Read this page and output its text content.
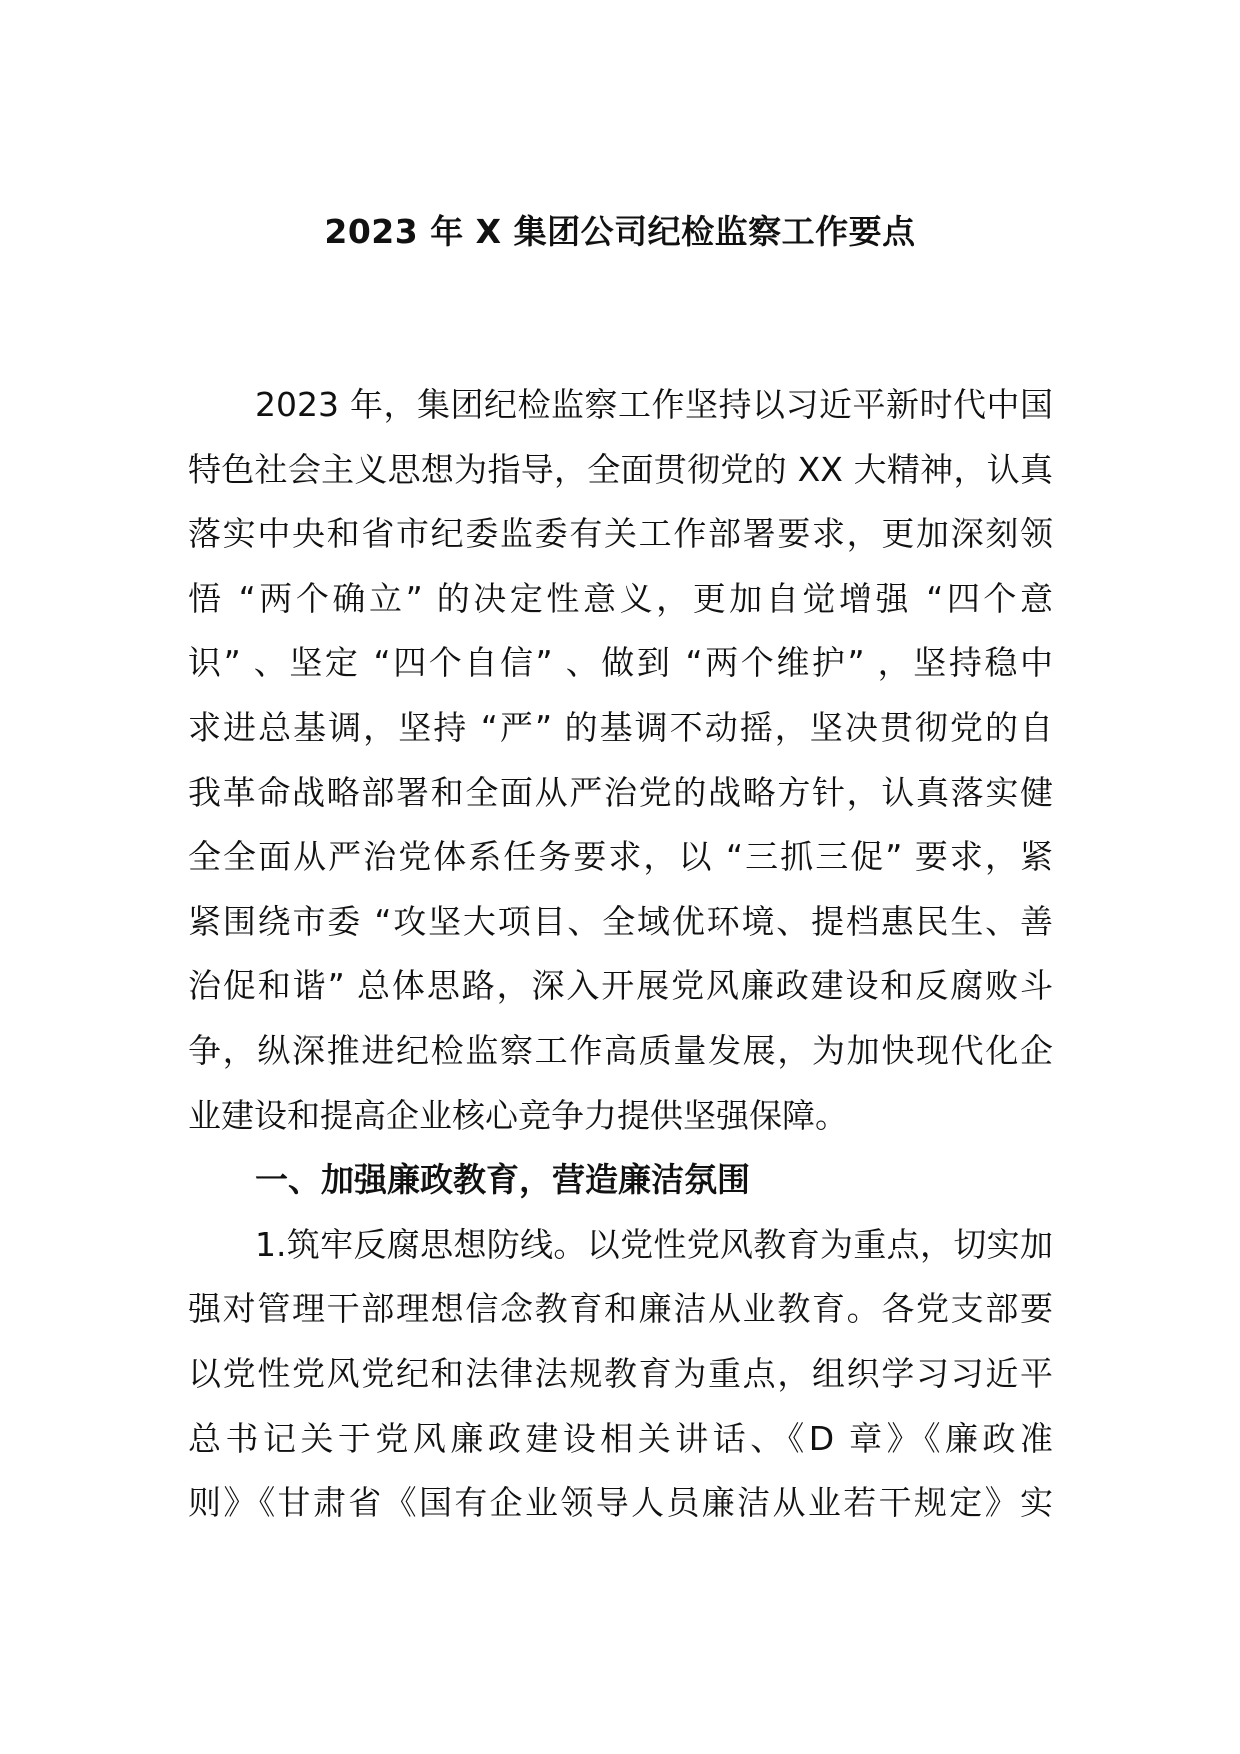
2023 年 X 集团公司纪检监察工作要点
2023 年，集团纪检监察工作坚持以习近平新时代中国
特色社会主义思想为指导，全面贯彻党的 XX 大精神，认真
落实中央和省市纪委监委有关工作部署要求，更加深刻领
悟 “两个确立” 的决定性意义，更加自觉增强 “四个意
识” 、坚定 “四个自信” 、做到 “两个维护” ，坚持稳中
求进总基调，坚持 “严” 的基调不动摇，坚决贯彻党的自
我革命战略部署和全面从严治党的战略方针，认真落实健
全全面从严治党体系任务要求，以 “三抓三促” 要求，紧
紧围绕市委 “攻坚大项目、全域优环境、提档惠民生、善
治促和谐” 总体思路，深入开展党风廉政建设和反腐败斗
争，纵深推进纪检监察工作高质量发展，为加快现代化企
业建设和提高企业核心竞争力提供坚强保障。
一、加强廉政教育，营造廉洁氛围
1.筑牢反腐思想防线。以党性党风教育为重点，切实加
强对管理干部理想信念教育和廉洁从业教育。各党支部要
以党性党风党纪和法律法规教育为重点，组织学习习近平
总书记关于党风廉政建设相关讲话、《D 章》《廉政准
则》《甘肃省《国有企业领导人员廉洁从业若干规定》实
